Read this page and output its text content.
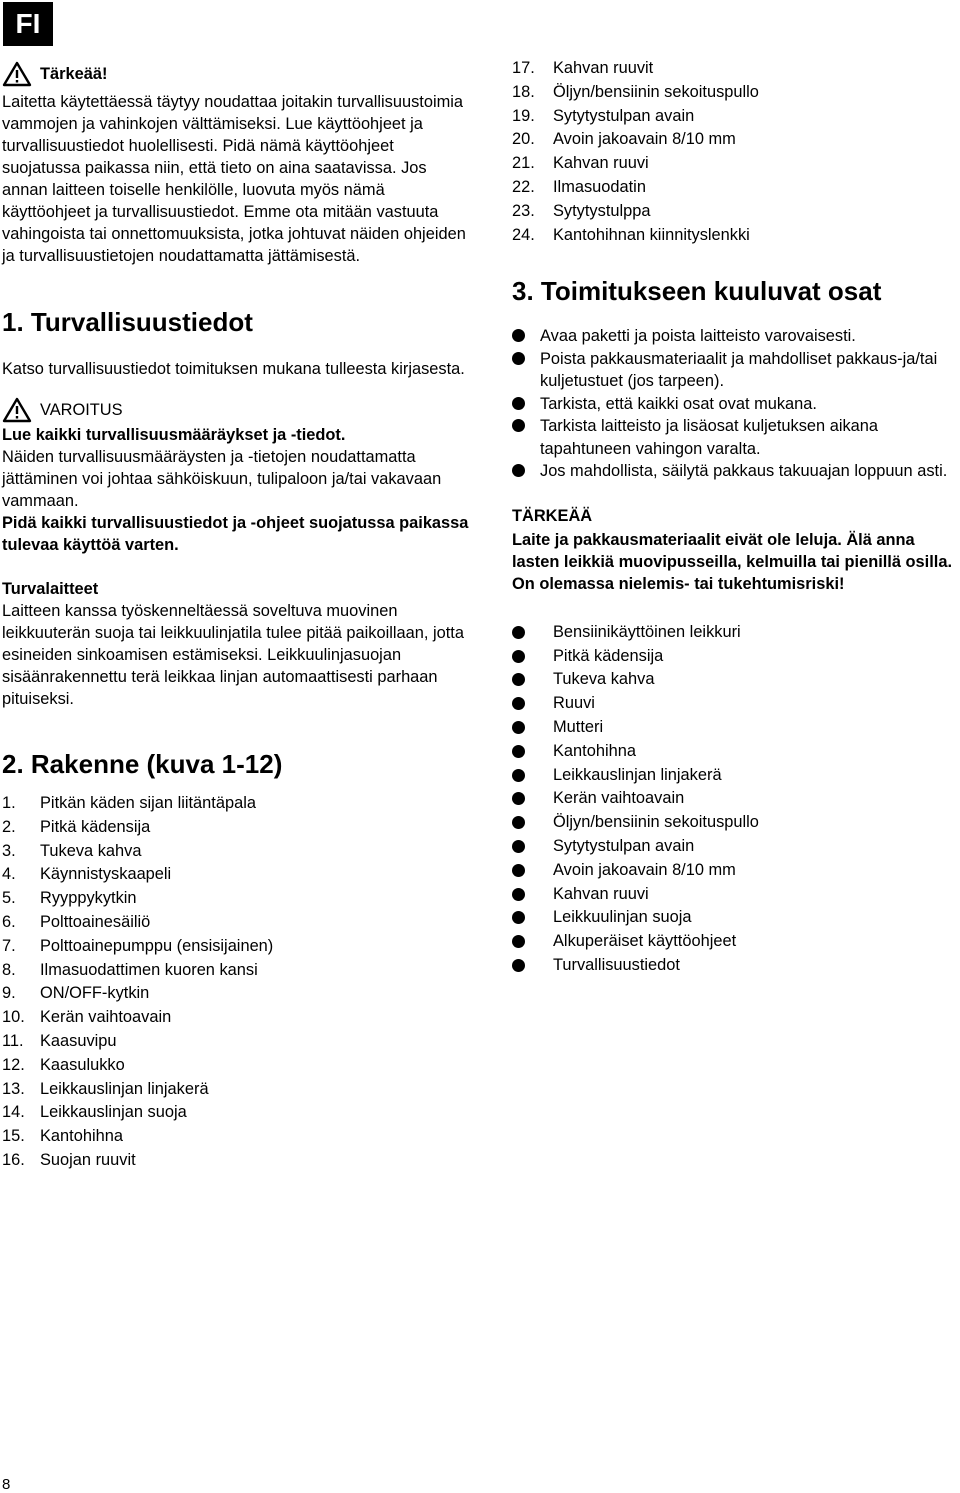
FI
Tärkeää!

Laitetta käytettäessä täytyy noudattaa joitakin turvallisuustoimia vammojen ja vahinkojen välttämiseksi. Lue käyttöohjeet ja turvallisuustiedot huolellisesti. Pidä nämä käyttöohjeet suojatussa paikassa niin, että tieto on aina saatavissa. Jos annan laitteen toiselle henkilölle, luovuta myös nämä käyttöohjeet ja turvallisuustiedot. Emme ota mitään vastuuta vahingoista tai onnettomuuksista, jotka johtuvat näiden ohjeiden ja turvallisuustietojen noudattamatta jättämisestä.

1. Turvallisuustiedot

Katso turvallisuustiedot toimituksen mukana tulleesta kirjasesta.

VAROITUS

Lue kaikki turvallisuusmääräykset ja -tiedot.

Näiden turvallisuusmääräysten ja -tietojen noudattamatta jättäminen voi johtaa sähköiskuun, tulipaloon ja/tai vakavaan vammaan.

Pidä kaikki turvallisuustiedot ja -ohjeet suojatussa paikassa tulevaa käyttöä varten.

Turvalaitteet

Laitteen kanssa työskenneltäessä soveltuva muovinen leikkuuterän suoja tai leikkuulinjatila tulee pitää paikoillaan, jotta esineiden sinkoamisen estämiseksi. Leikkuulinjasuojan sisäänrakennettu terä leikkaa linjan automaattisesti parhaan pituiseksi.

2. Rakenne (kuva 1-12)
1.	Pitkän käden sijan liitäntäpala
2.	Pitkä kädensija
3.	Tukeva kahva
4.	Käynnistyskaapeli
5.	Ryyppykytkin
6.	Polttoainesäiliö
7.	Polttoainepumppu (ensisijainen)
8.	Ilmasuodattimen kuoren kansi
9.	ON/OFF-kytkin
10. Kerän vaihtoavain
11.	Kaasuvipu
12. Kaasulukko
13. Leikkauslinjan linjakerä
14. Leikkauslinjan suoja
15. Kantohihna
16. Suojan ruuvit
17.	Kahvan ruuvit
18.	Öljyn/bensiinin sekoituspullo
19.	Sytytystulpan avain
20.	Avoin jakoavain 8/10 mm
21.	Kahvan ruuvi
22.	Ilmasuodatin
23.	Sytytystulppa
24.	Kantohihnan kiinnityslenkki
3. Toimitukseen kuuluvat osat
Avaa paketti ja poista laitteisto varovaisesti.
Poista pakkausmateriaalit ja mahdolliset pakkaus-ja/tai kuljetustuet (jos tarpeen).
Tarkista, että kaikki osat ovat mukana.
Tarkista laitteisto ja lisäosat kuljetuksen aikana tapahtuneen vahingon varalta.
Jos mahdollista, säilytä pakkaus takuuajan loppuun asti.

TÄRKEÄÄ

Laite ja pakkausmateriaalit eivät ole leluja. Älä anna lasten leikkiä muovipusseilla, kelmuilla tai pienillä osilla. On olemassa nielemis- tai tukehtumisriski!

Bensiinikäyttöinen leikkuri
Pitkä kädensija
Tukeva kahva
Ruuvi
Mutteri
Kantohihna
Leikkauslinjan linjakerä
Kerän vaihtoavain
Öljyn/bensiinin sekoituspullo
Sytytystulpan avain
Avoin jakoavain 8/10 mm
Kahvan ruuvi
Leikkuulinjan suoja
Alkuperäiset käyttöohjeet
Turvallisuustiedot
8
